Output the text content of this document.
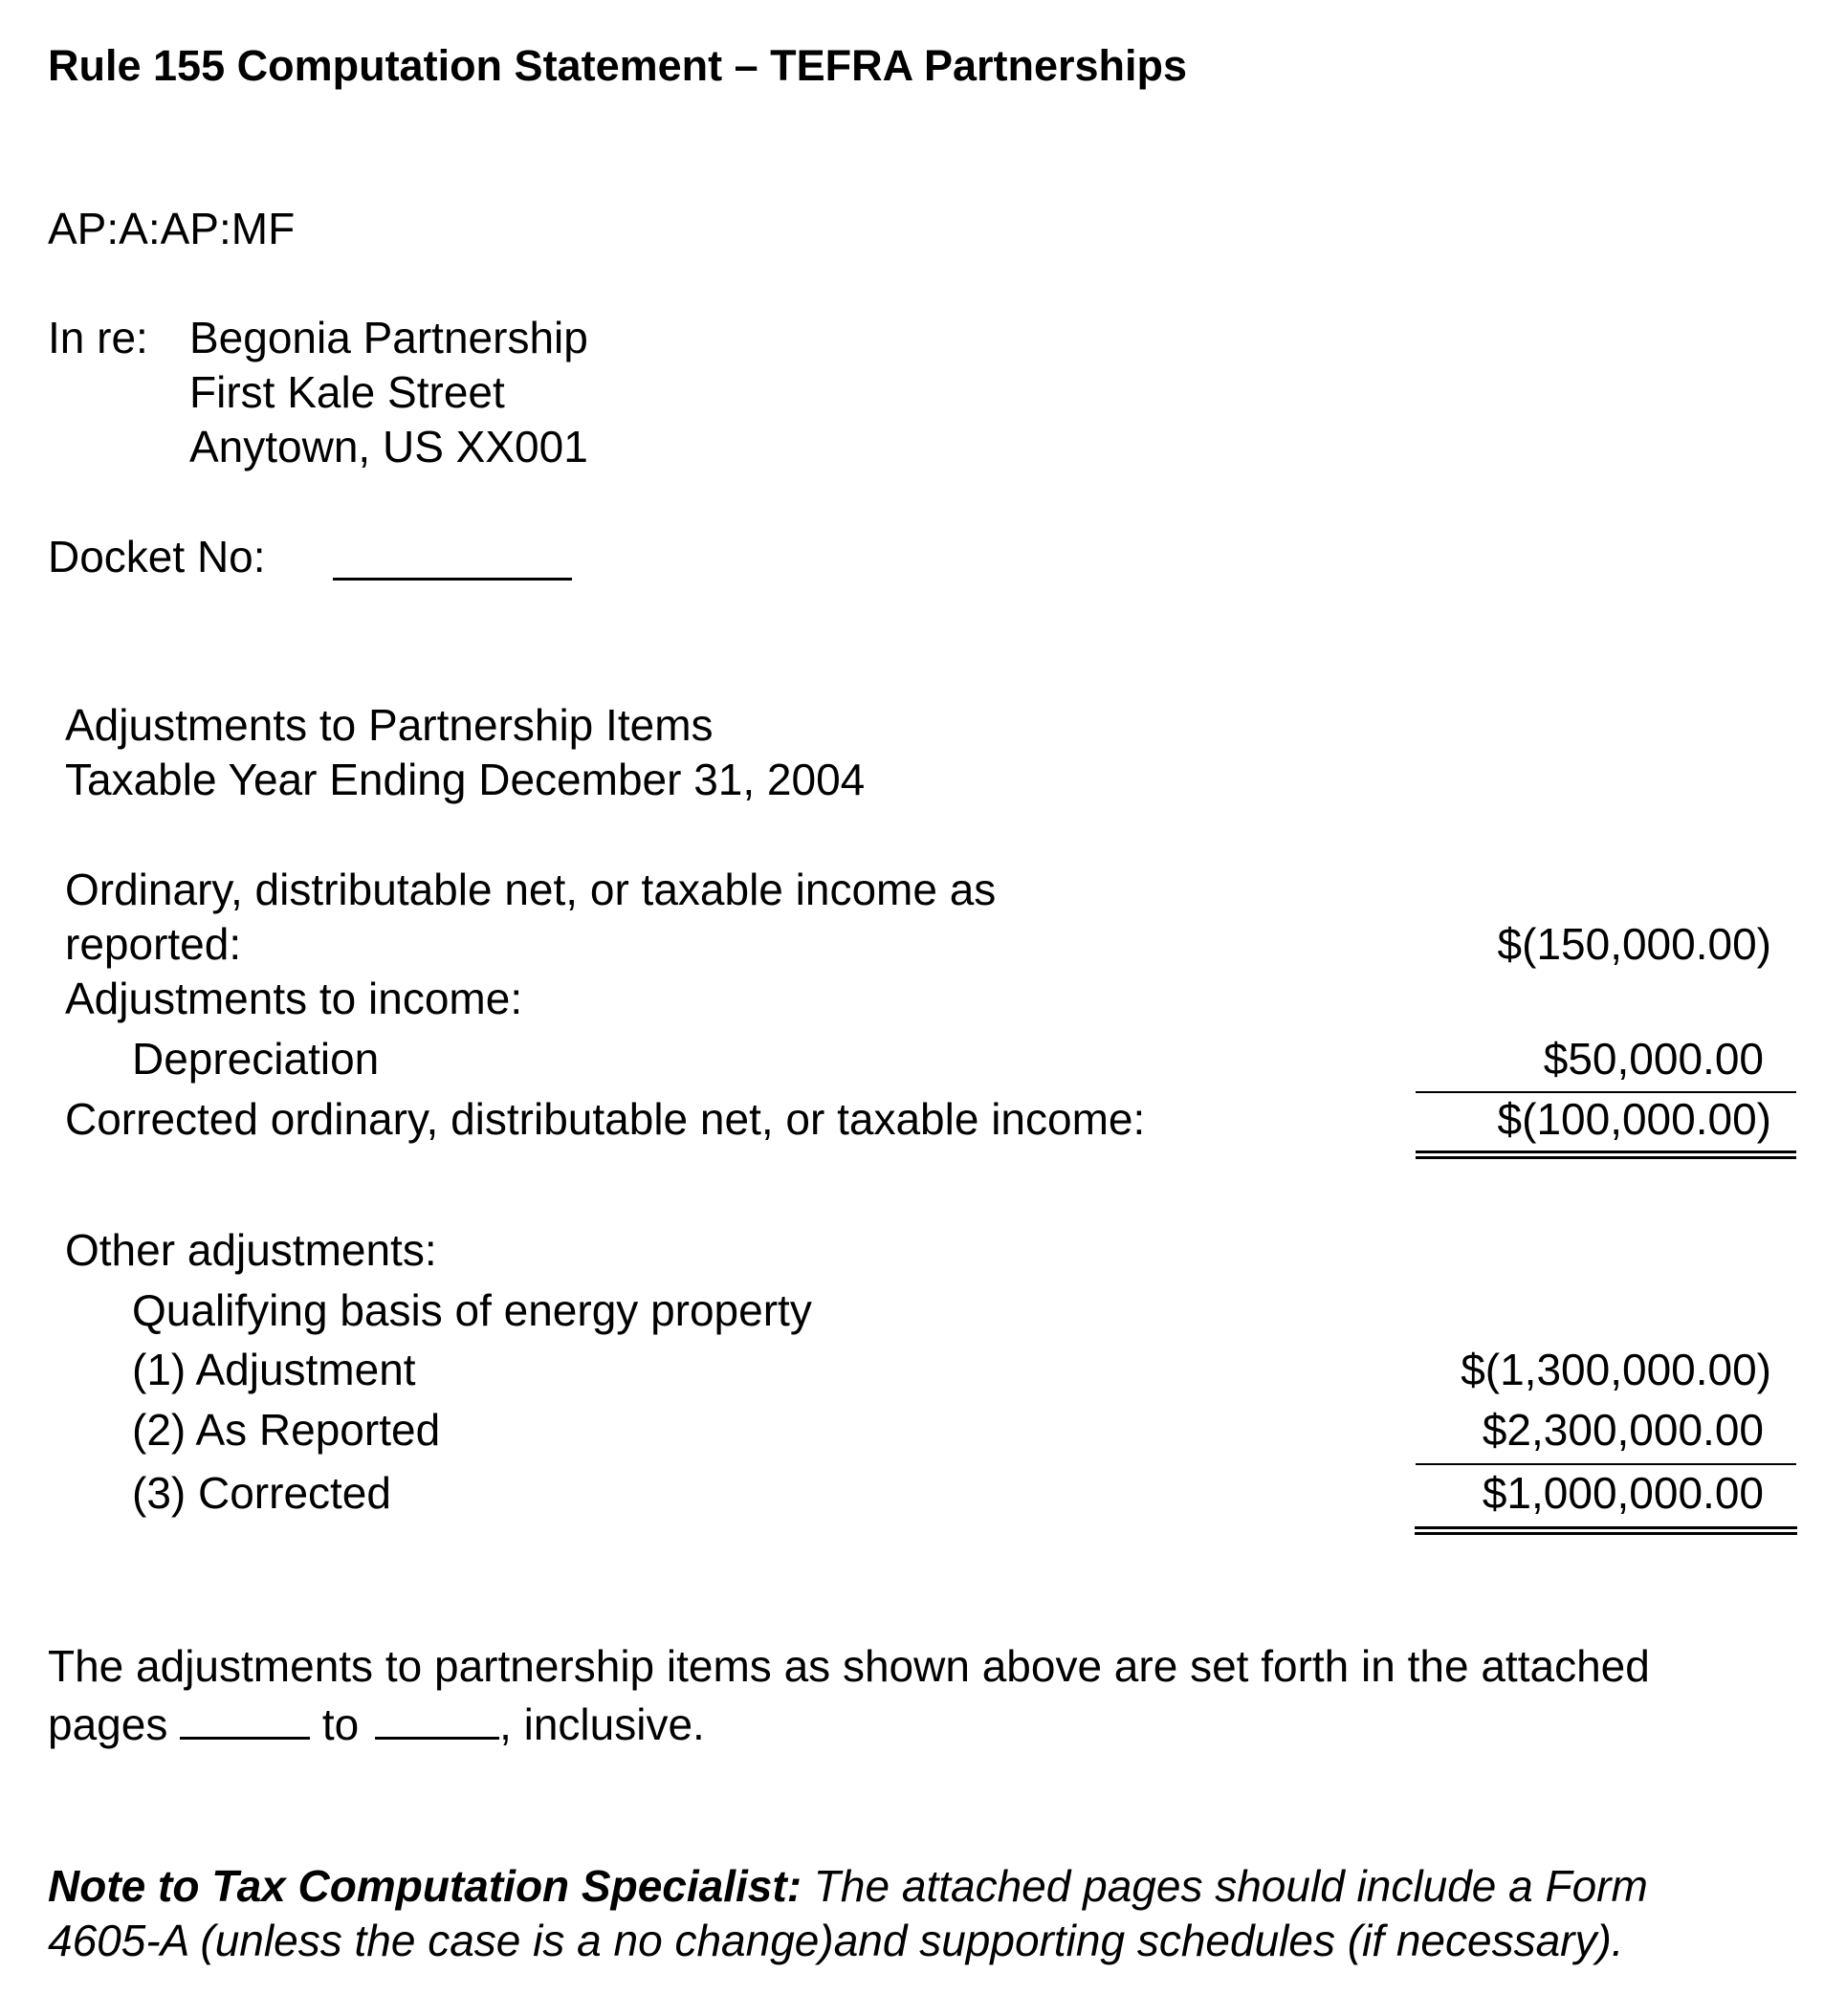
Rule 155 Computation Statement – TEFRA Partnerships
AP:A:AP:MF
In re: Begonia Partnership
First Kale Street
Anytown, US XX001
Docket No:
Adjustments to Partnership Items
Taxable Year Ending December 31, 2004
Ordinary, distributable net, or taxable income as
reported:	$(150,000.00)
Adjustments to income:
Depreciation	$50,000.00
Corrected ordinary, distributable net, or taxable income:	$(100,000.00)
Other adjustments:
Qualifying basis of energy property
(1) Adjustment	$(1,300,000.00)
(2) As Reported	$2,300,000.00
(3) Corrected	$1,000,000.00
The adjustments to partnership items as shown above are set forth in the attached
pages	to	, inclusive.
Note to Tax Computation Specialist: The attached pages should include a Form
4605-A (unless the case is a no change)and supporting schedules (if necessary).
